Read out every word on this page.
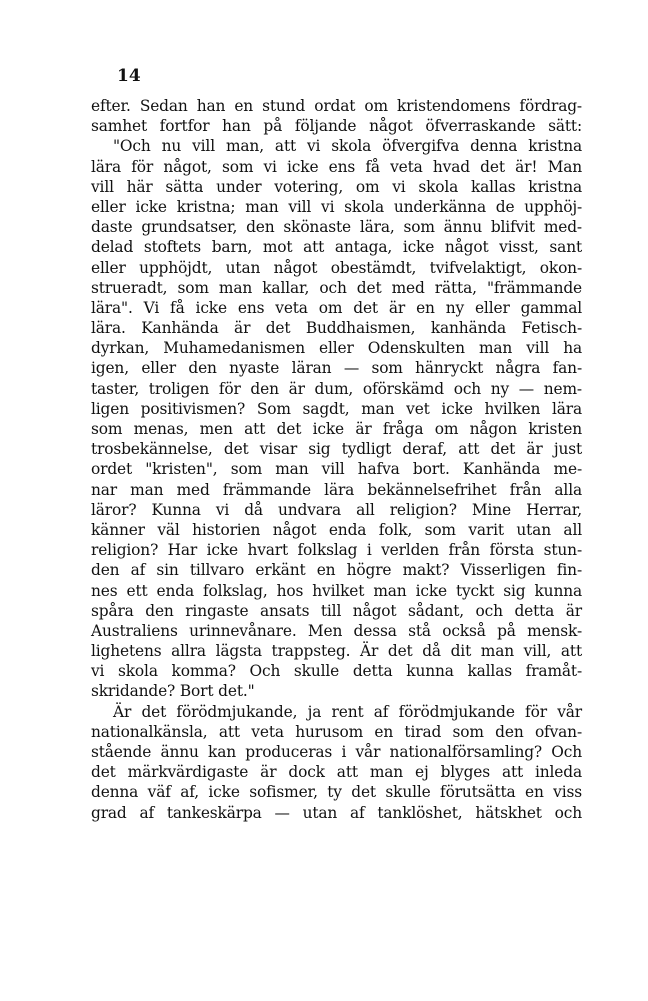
14
efter. Sedan han en stund ordat om kristendomens fördrag-
samhet fortfor han på följande något öfverraskande sätt:
"Och nu vill man, att vi skola öfvergifva denna kristna
lära för något, som vi icke ens få veta hvad det är! Man
vill här sätta under votering, om vi skola kallas kristna
eller icke kristna; man vill vi skola underkänna de upphöj-
daste grundsatser, den skönaste lära, som ännu blifvit med-
delad stoftets barn, mot att antaga, icke något visst, sant
eller upphöjdt, utan något obestämdt, tvifvelaktigt, okon-
strueradt, som man kallar, och det med rätta, "främmande
lära". Vi få icke ens veta om det är en ny eller gammal
lära. Kanhända är det Buddhaismen, kanhända Fetisch-
dyrkan, Muhamedanismen eller Odenskulten man vill ha
igen, eller den nyaste läran — som hänryckt några fan-
taster, troligen för den är dum, oförskämd och ny — nem-
ligen positivismen? Som sagdt, man vet icke hvilken lära
som menas, men att det icke är fråga om någon kristen
trosbekännelse, det visar sig tydligt deraf, att det är just
ordet "kristen", som man vill hafva bort. Kanhända me-
nar man med främmande lära bekännelsefrihet från alla
läror? Kunna vi då undvara all religion? Mine Herrar,
känner väl historien något enda folk, som varit utan all
religion? Har icke hvart folkslag i verlden från första stun-
den af sin tillvaro erkänt en högre makt? Visserligen fin-
nes ett enda folkslag, hos hvilket man icke tyckt sig kunna
spåra den ringaste ansats till något sådant, och detta är
Australiens urinnevånare. Men dessa stå också på mensk-
lighetens allra lägsta trappsteg. Är det då dit man vill, att
vi skola komma? Och skulle detta kunna kallas framåt-
skridande? Bort det."
Är det förödmjukande, ja rent af förödmjukande för vår
nationalkänsla, att veta hurusom en tirad som den ofvan-
stående ännu kan produceras i vår nationalförsamling? Och
det märkvärdigaste är dock att man ej blyges att inleda
denna väf af, icke sofismer, ty det skulle förutsätta en viss
grad af tankeskärpa — utan af tanklöshet, hätskhet och
